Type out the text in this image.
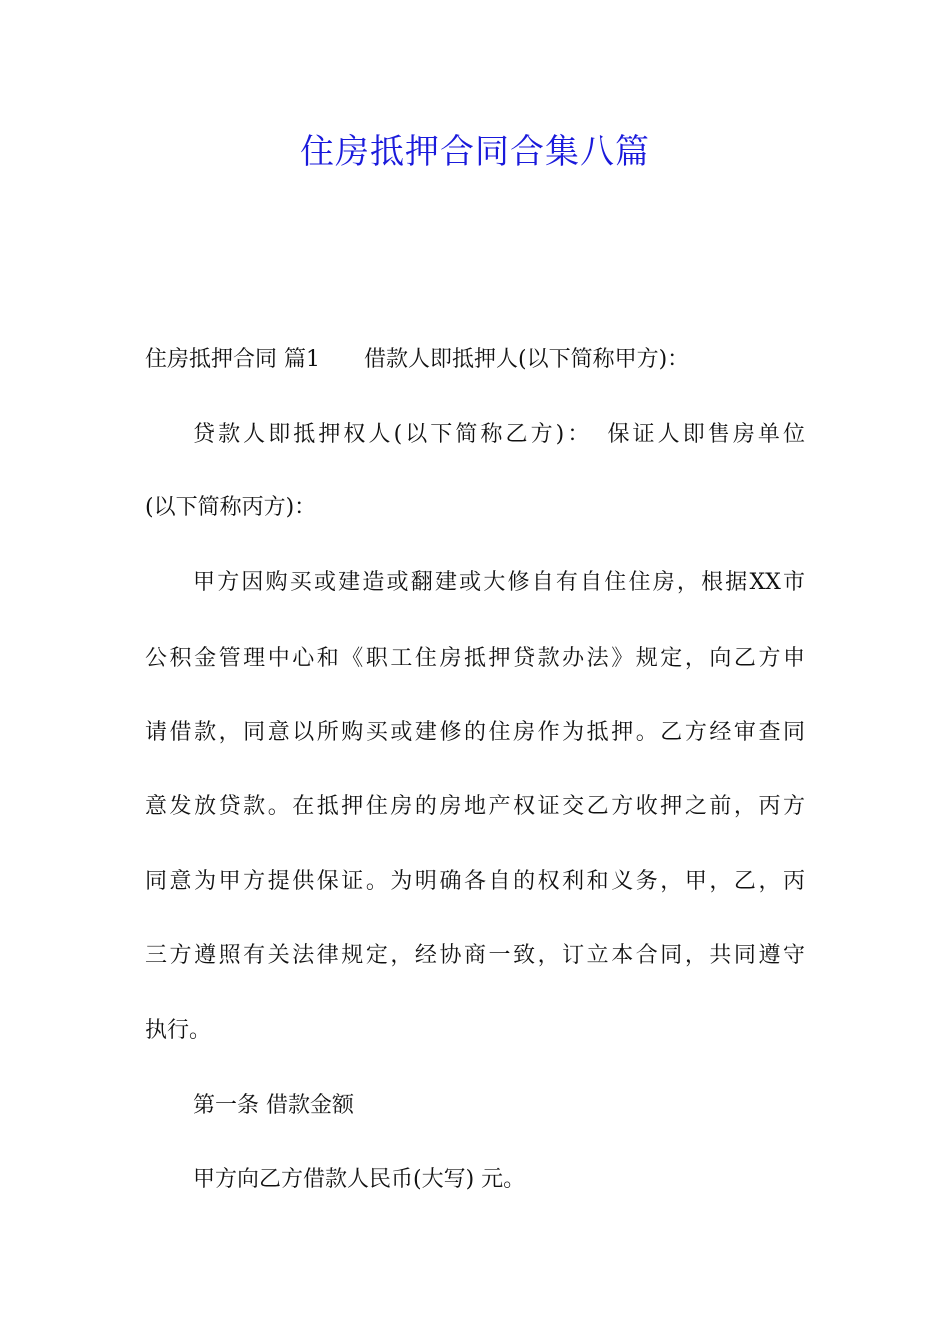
住房抵押合同合集八篇
住房抵押合同 篇1 借款人即抵押人(以下简称甲方)：
贷款人即抵押权人(以下简称乙方)： 保证人即售房单位
(以下简称丙方)：
甲方因购买或建造或翻建或大修自有自住住房，根据XX市
公积金管理中心和《职工住房抵押贷款办法》规定，向乙方申
请借款，同意以所购买或建修的住房作为抵押。乙方经审查同
意发放贷款。在抵押住房的房地产权证交乙方收押之前，丙方
同意为甲方提供保证。为明确各自的权利和义务，甲，乙，丙
三方遵照有关法律规定，经协商一致，订立本合同，共同遵守
执行。
第一条 借款金额
甲方向乙方借款人民币(大写) 元。
